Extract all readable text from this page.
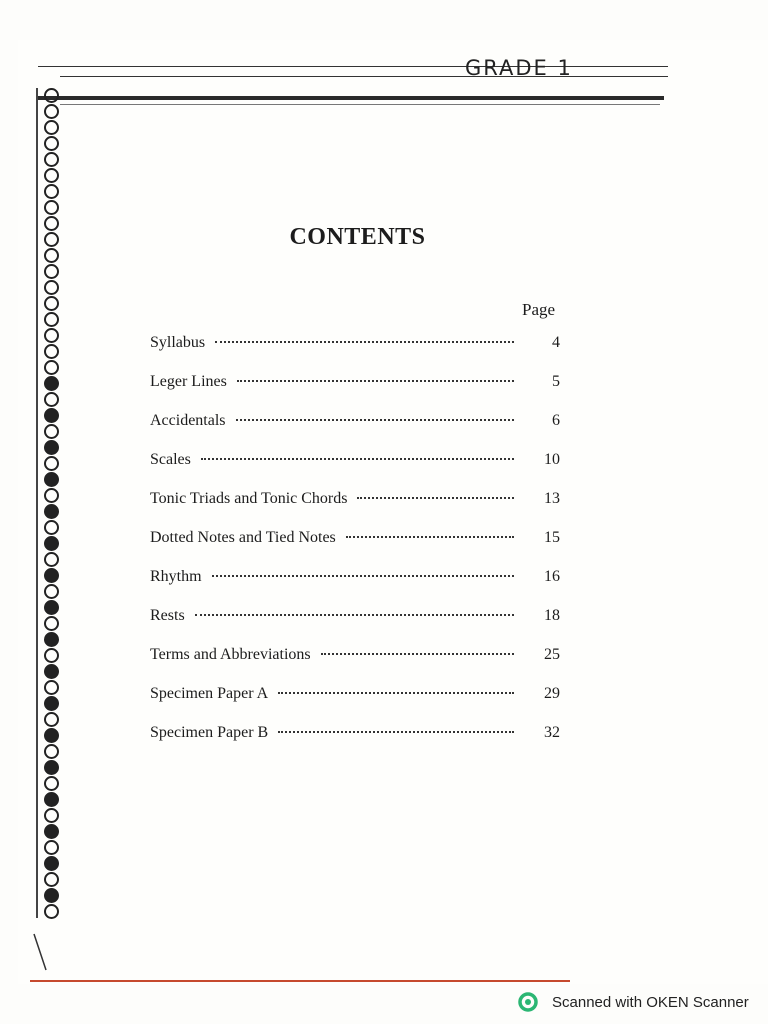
GRADE 1
CONTENTS
Page
Syllabus	4
Leger Lines	5
Accidentals	6
Scales	10
Tonic Triads and Tonic Chords	13
Dotted Notes and Tied Notes	15
Rhythm	16
Rests	18
Terms and Abbreviations	25
Specimen Paper A	29
Specimen Paper B	32
Scanned with OKEN Scanner
